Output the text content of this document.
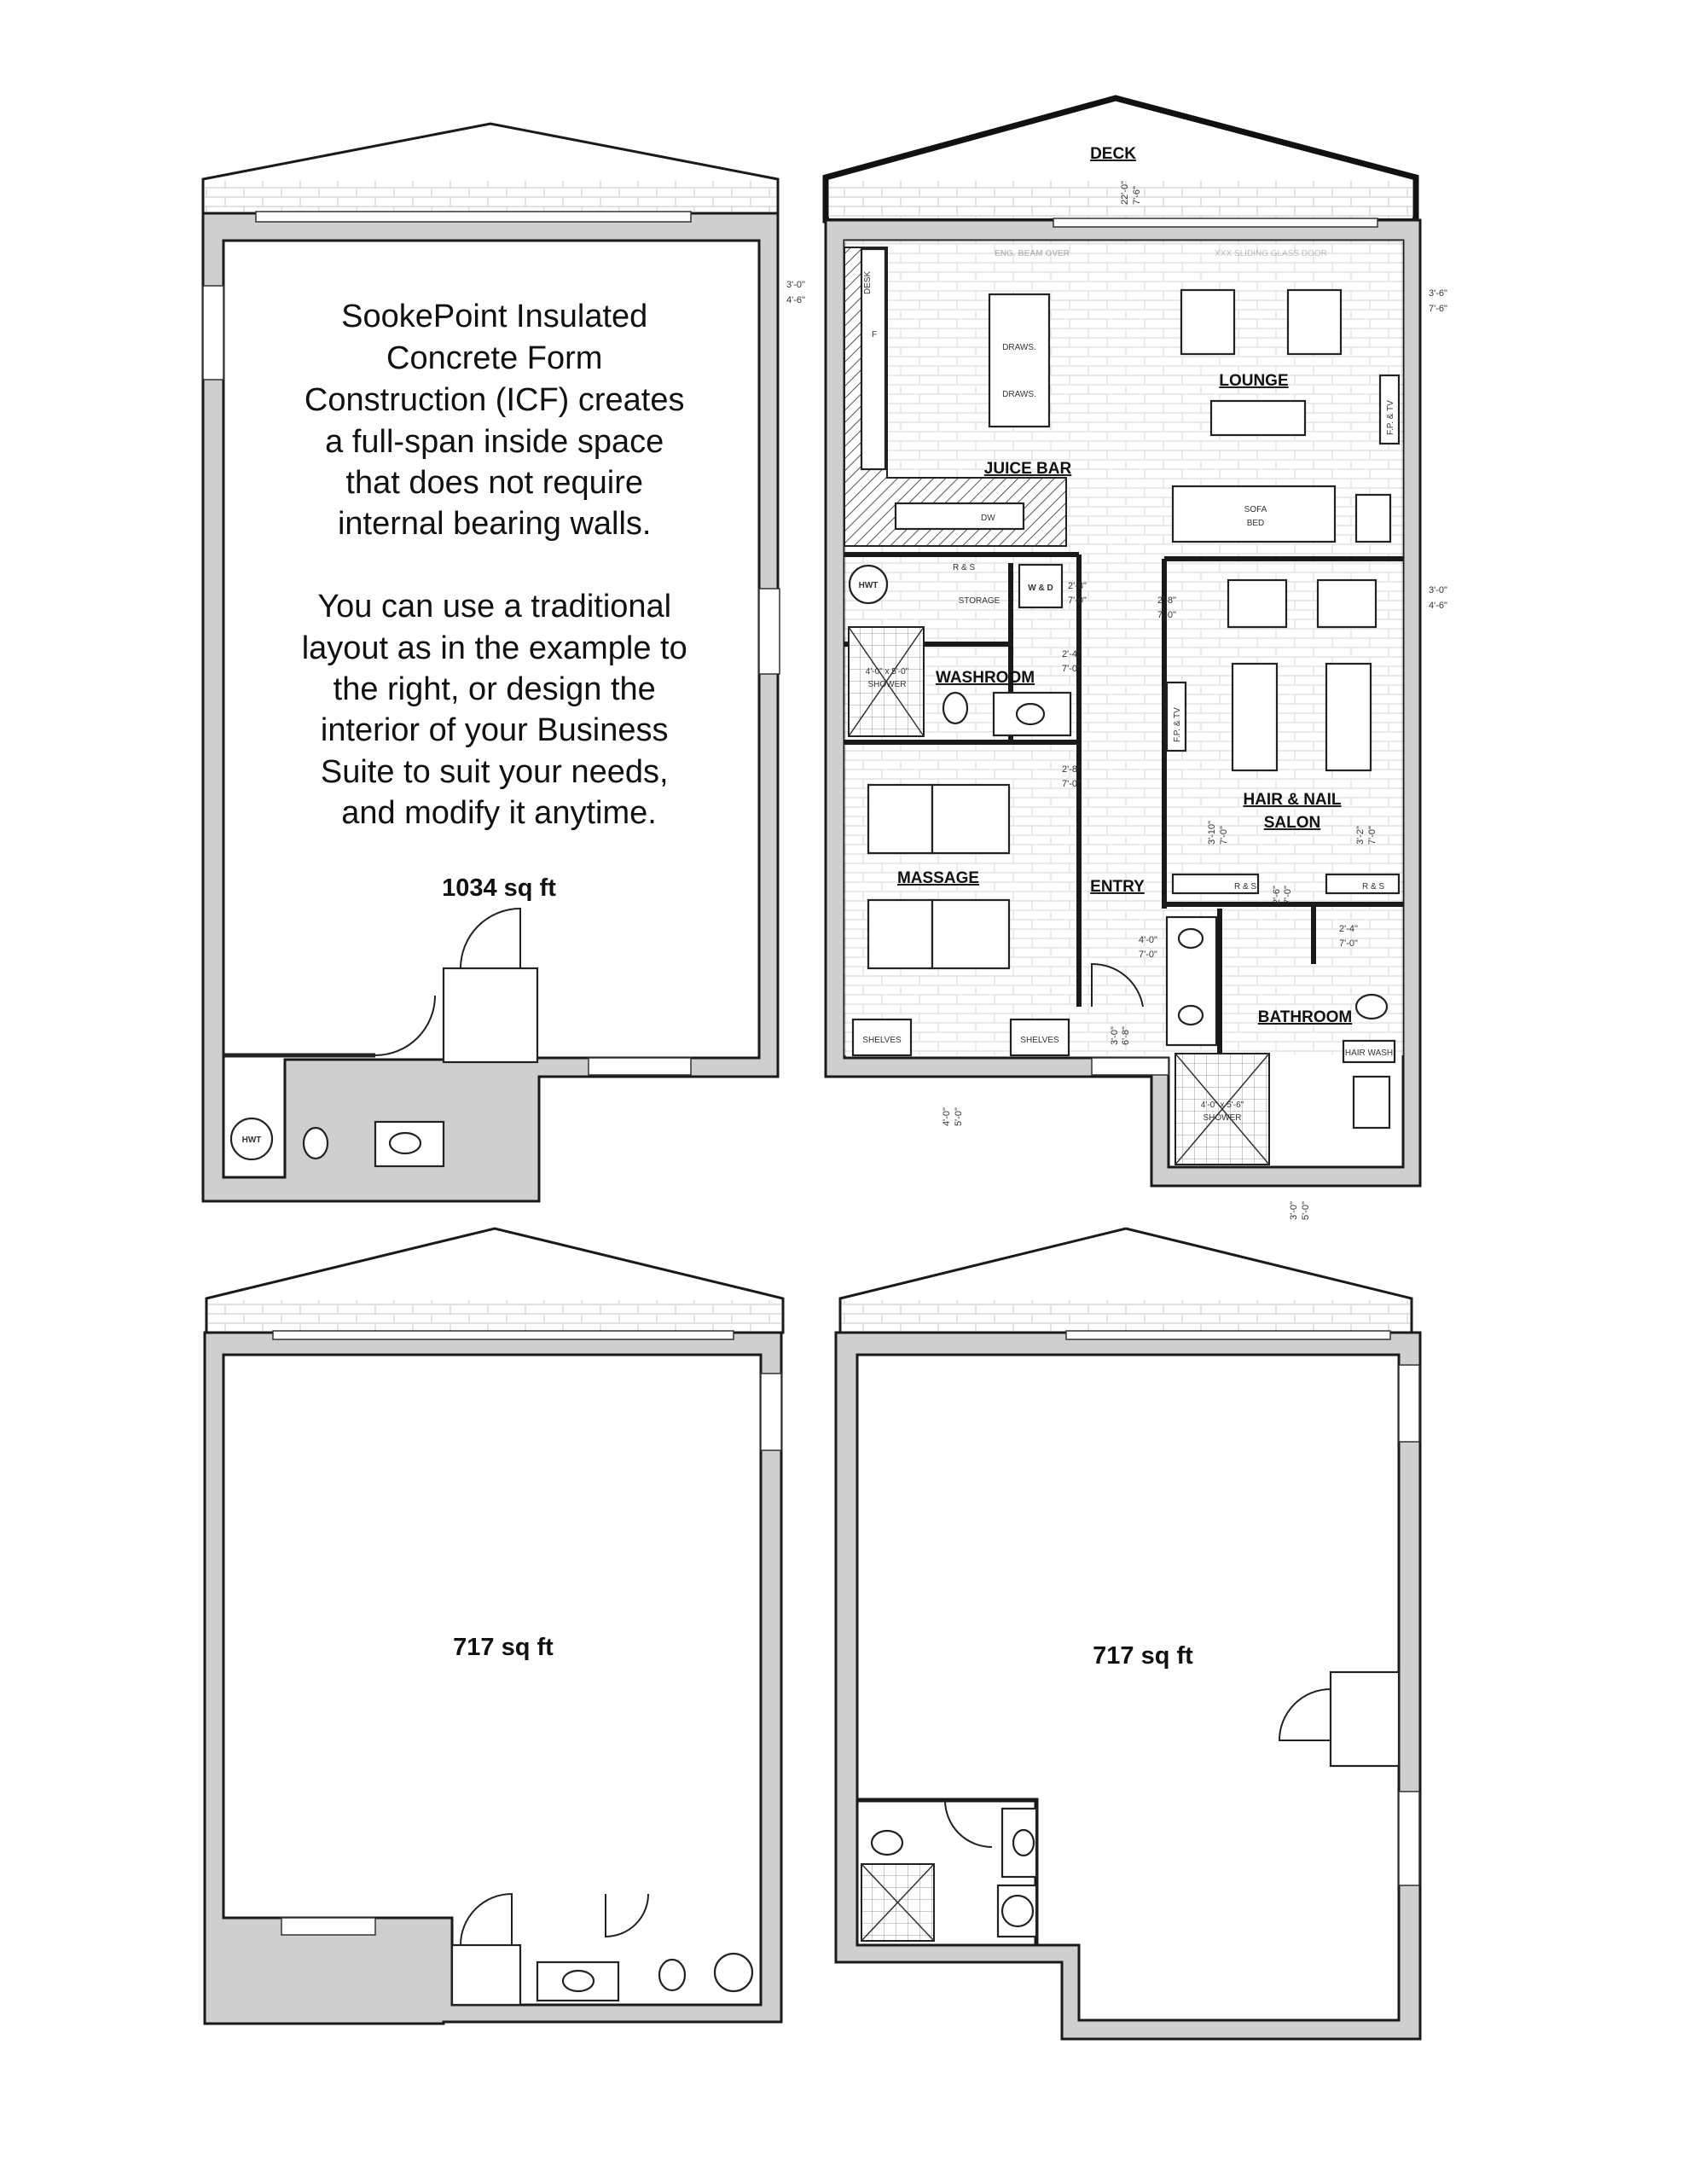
HWT
SookePoint Insulated Concrete Form Construction (ICF) creates a full-span inside space that does not require internal bearing walls. You can use a traditional layout as in the example to the right, or design the interior of your Business Suite to suit your needs, and modify it anytime.
1034 sq ft
DECK
22'-0" 7'-6"
3'-0"
4'-6"
3'-6"
7'-6"
3'-0"
4'-6"
DESK
F
DW
DRAWS.
DRAWS.
JUICE BAR
LOUNGE
SOFA
BED
F.P. & TV
HWT
R & S
STORAGE
W & D 2'-8"
7'-0"
4'-0" x 5'-0"
SHOWER WASHROOM
2'-4"
7'-0"
MASSAGE
SHELVES	SHELVES
2'-8"
7'-0"
ENTRY
4'-0"
7'-0"
3'-0" 6'-8"
4'-0" 5'-0"
2'-8"
7'-0"
F.P. & TV
HAIR & NAIL
SALON
3'-10" 7'-0"	3'-2" 7'-0"
R & S	R & S
2'-6" 7'-0"
2'-4"
7'-0"
BATHROOM
HAIR WASH
4'-0" x 5'-6"
SHOWER
3'-0" 5'-0"
717 sq ft	717 sq ft
